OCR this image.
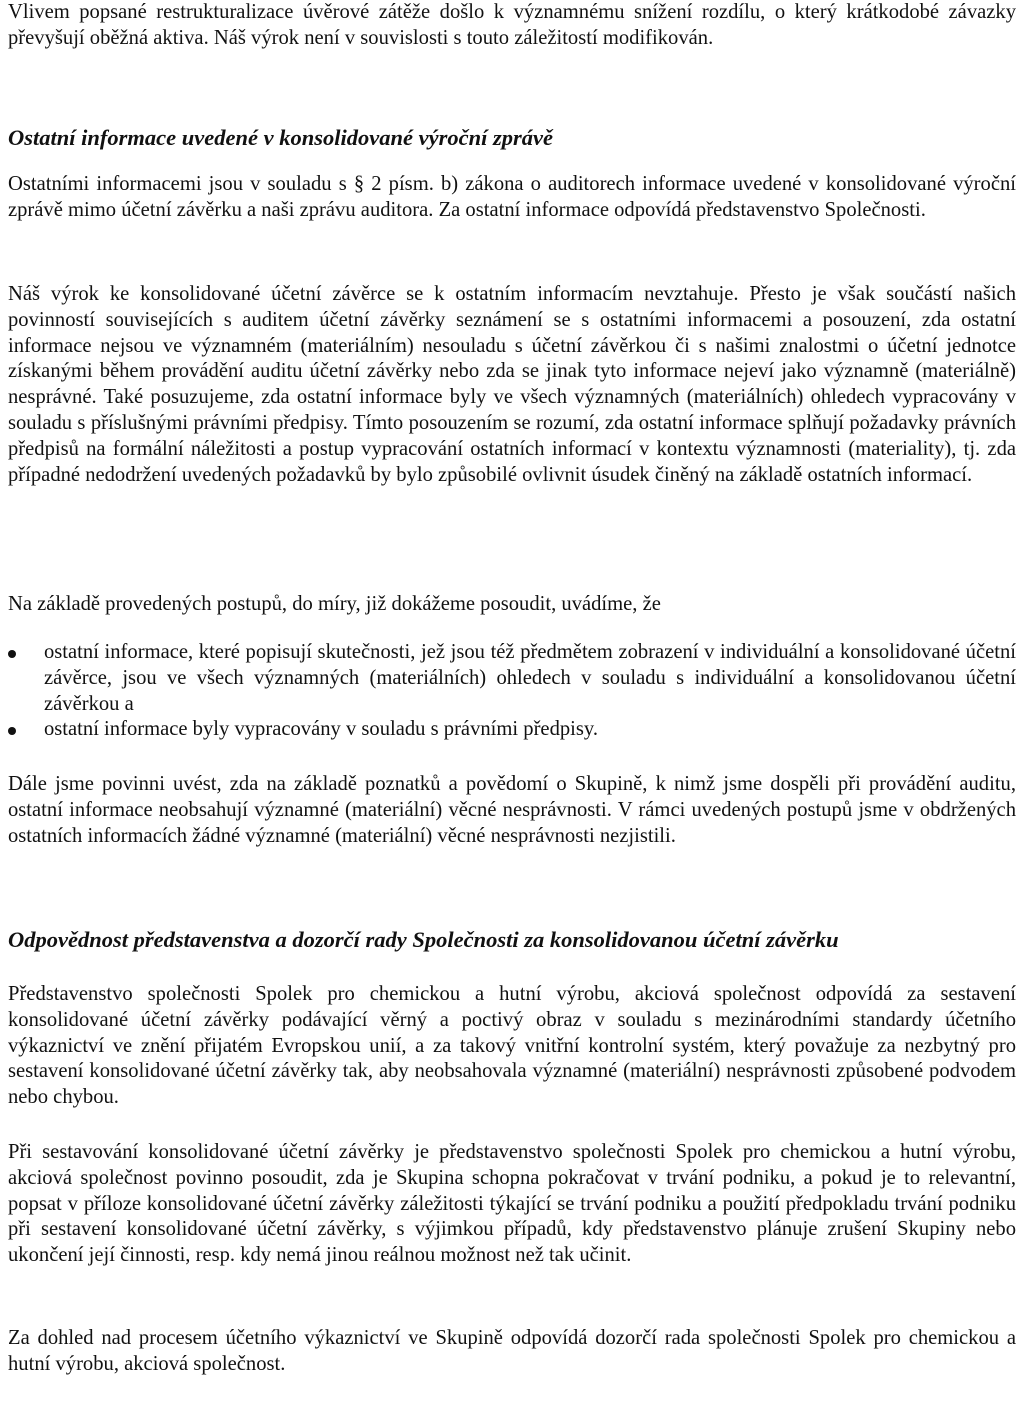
Vlivem popsané restrukturalizace úvěrové zátěže došlo k významnému snížení rozdílu, o který krátkodobé závazky převyšují oběžná aktiva. Náš výrok není v souvislosti s touto záležitostí modifikován.

Ostatní informace uvedené v konsolidované výroční zprávě

Ostatními informacemi jsou v souladu s § 2 písm. b) zákona o auditorech informace uvedené v konsolidované výroční zprávě mimo účetní závěrku a naši zprávu auditora. Za ostatní informace odpovídá představenstvo Společnosti.

Náš výrok ke konsolidované účetní závěrce se k ostatním informacím nevztahuje. Přesto je však součástí našich povinností souvisejících s auditem účetní závěrky seznámení se s ostatními informacemi a posouzení, zda ostatní informace nejsou ve významném (materiálním) nesouladu s účetní závěrkou či s našimi znalostmi o účetní jednotce získanými během provádění auditu účetní závěrky nebo zda se jinak tyto informace nejeví jako významně (materiálně) nesprávné. Také posuzujeme, zda ostatní informace byly ve všech významných (materiálních) ohledech vypracovány v souladu s příslušnými právními předpisy. Tímto posouzením se rozumí, zda ostatní informace splňují požadavky právních předpisů na formální náležitosti a postup vypracování ostatních informací v kontextu významnosti (materiality), tj. zda případné nedodržení uvedených požadavků by bylo způsobilé ovlivnit úsudek činěný na základě ostatních informací.

Na základě provedených postupů, do míry, již dokážeme posoudit, uvádíme, že

ostatní informace, které popisují skutečnosti, jež jsou též předmětem zobrazení v individuální a konsolidované účetní závěrce, jsou ve všech významných (materiálních) ohledech v souladu s individuální a konsolidovanou účetní závěrkou a
ostatní informace byly vypracovány v souladu s právními předpisy.

Dále jsme povinni uvést, zda na základě poznatků a povědomí o Skupině, k nimž jsme dospěli při provádění auditu, ostatní informace neobsahují významné (materiální) věcné nesprávnosti. V rámci uvedených postupů jsme v obdržených ostatních informacích žádné významné (materiální) věcné nesprávnosti nezjistili.

Odpovědnost představenstva a dozorčí rady Společnosti za konsolidovanou účetní závěrku

Představenstvo společnosti Spolek pro chemickou a hutní výrobu, akciová společnost odpovídá za sestavení konsolidované účetní závěrky podávající věrný a poctivý obraz v souladu s mezinárodními standardy účetního výkaznictví ve znění přijatém Evropskou unií, a za takový vnitřní kontrolní systém, který považuje za nezbytný pro sestavení konsolidované účetní závěrky tak, aby neobsahovala významné (materiální) nesprávnosti způsobené podvodem nebo chybou.

Při sestavování konsolidované účetní závěrky je představenstvo společnosti Spolek pro chemickou a hutní výrobu, akciová společnost povinno posoudit, zda je Skupina schopna pokračovat v trvání podniku, a pokud je to relevantní, popsat v příloze konsolidované účetní závěrky záležitosti týkající se trvání podniku a použití předpokladu trvání podniku při sestavení konsolidované účetní závěrky, s výjimkou případů, kdy představenstvo plánuje zrušení Skupiny nebo ukončení její činnosti, resp. kdy nemá jinou reálnou možnost než tak učinit.

Za dohled nad procesem účetního výkaznictví ve Skupině odpovídá dozorčí rada společnosti Spolek pro chemickou a hutní výrobu, akciová společnost.
